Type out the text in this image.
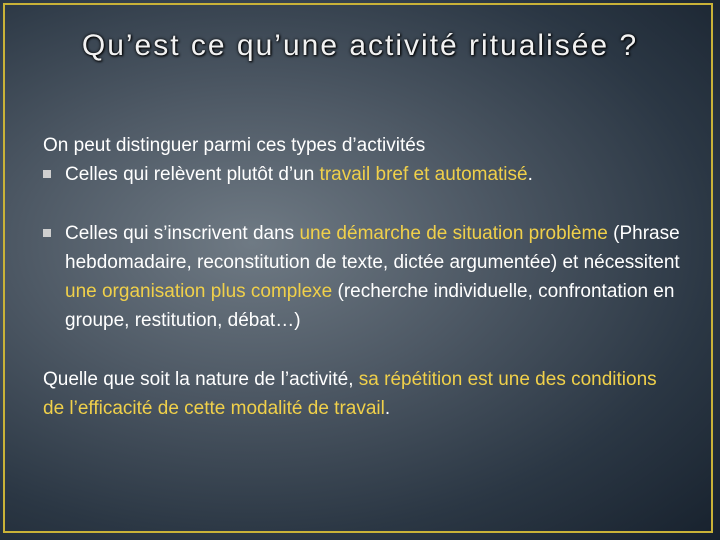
Qu’est ce qu’une activité ritualisée ?

On peut distinguer parmi ces types d’activités

Celles qui relèvent plutôt d’un travail bref et automatisé.

Celles qui s’inscrivent dans une démarche de situation problème (Phrase hebdomadaire, reconstitution de texte, dictée argumentée) et nécessitent une organisation plus complexe (recherche individuelle, confrontation en groupe, restitution, débat…)

Quelle que soit la nature de l’activité, sa répétition est une des conditions de l’efficacité de cette modalité de travail.
